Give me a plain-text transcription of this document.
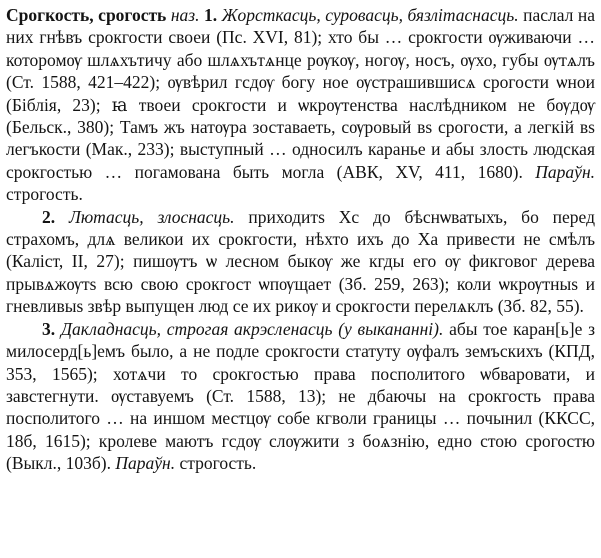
Срогкость, срогость наз. 1. Жорсткасць, суровасць, бязлітаснасць. паслал на них гнѣвъ срокгости своеи (Пс. XVI, 81); хто бы … срокгости ѹживаючи … которомѹ шлѧхътичу або шлѧхътѧнце рѹкѹ, ногѹ, носъ, ѹхо, губы ѹтѧлъ (Ст. 1588, 421–422); ѹвѣрил гсдѹ богу ное ѹстрашившисѧ срогости ѡнои (Біблія, 23); ꙗ твоеи срокгости и ѡкрѹтенства наслѣдником не бѹдѹ (Бельск., 380); Тамъ жъ натѹра зоставаеть, сѹровый вs срогости, а легкій вs легъкости (Мак., 233); выступный … односилъ каранье и абы злость людская срокгостью … погамована быть могла (АВК, XV, 411, 1680). Параўн. строгость.

2. Лютасць, злоснасць. приходитs Хс до бѣснѡватыхъ, бо перед страхомъ, длѧ великои их срокгости, нѣхто ихъ до Ха привести не смѣлъ (Каліст, II, 27); пишѹтъ ѡ лесном быкѹ же кгды его ѹ фикговог дерева прывѧжѹтs всю свою срокгост ѡпѹщает (Зб. 259, 263); коли ѡкрѹтныs и гневливыs звѣр выпущен люд се их рикѹ и срокгости перелѧклъ (Зб. 82, 55).

3. Дакладнасць, строгая акрэсленасць (у выкананні). абы тое каран[ь]е з милосерд[ь]емъ было, а не подле срокгости статуту ѹфалъ земъскихъ (КПД, 353, 1565); хотѧчи то срокгостью права посполитого ѡбваровати, и завстегнути. ѹставуемъ (Ст. 1588, 13); не дбаючы на срокгость права посполитого … на иншом местцѹ собе кгволи границы … почынил (ККСС, 18б, 1615); кролеве маютъ гсдѹ слѹжити з боѧзнію, едно стою срогостю (Выкл., 103б). Параўн. строгость.
